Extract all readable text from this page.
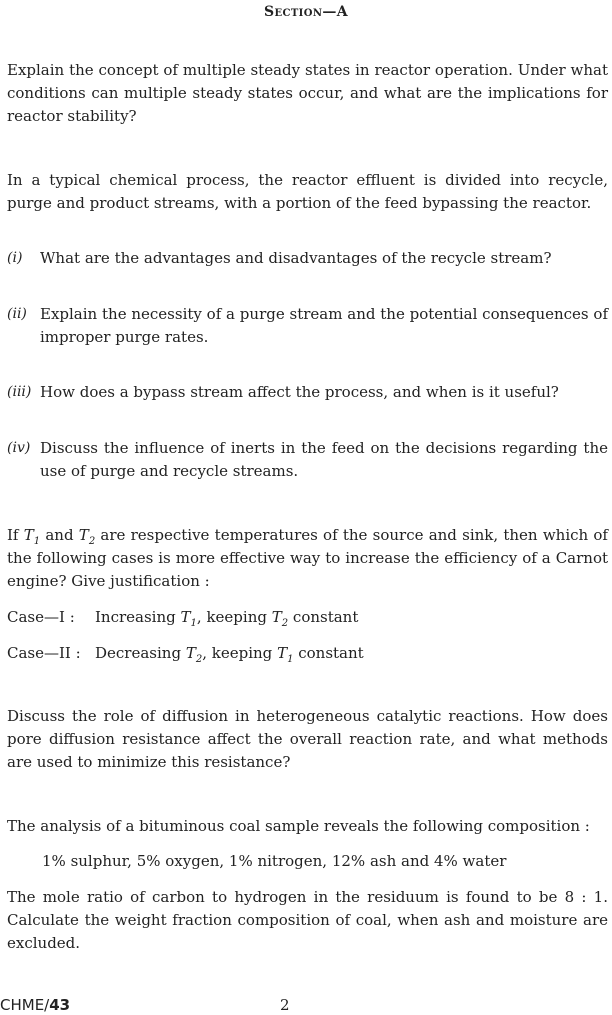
Section—A
Explain the concept of multiple steady states in reactor operation. Under what conditions can multiple steady states occur, and what are the implications for reactor stability?
In a typical chemical process, the reactor effluent is divided into recycle, purge and product streams, with a portion of the feed bypassing the reactor.
(i) What are the advantages and disadvantages of the recycle stream?
(ii) Explain the necessity of a purge stream and the potential consequences of improper purge rates.
(iii) How does a bypass stream affect the process, and when is it useful?
(iv) Discuss the influence of inerts in the feed on the decisions regarding the use of purge and recycle streams.
If $T_1$ and $T_2$ are respective temperatures of the source and sink, then which of the following cases is more effective way to increase the efficiency of a Carnot engine? Give justification :
Case—I : Increasing $T_1$, keeping $T_2$ constant
Case—II : Decreasing $T_2$, keeping $T_1$ constant
Discuss the role of diffusion in heterogeneous catalytic reactions. How does pore diffusion resistance affect the overall reaction rate, and what methods are used to minimize this resistance?
The analysis of a bituminous coal sample reveals the following composition :
1% sulphur, 5% oxygen, 1% nitrogen, 12% ash and 4% water
The mole ratio of carbon to hydrogen in the residuum is found to be 8 : 1. Calculate the weight fraction composition of coal, when ash and moisture are excluded.
CHME/43	2
